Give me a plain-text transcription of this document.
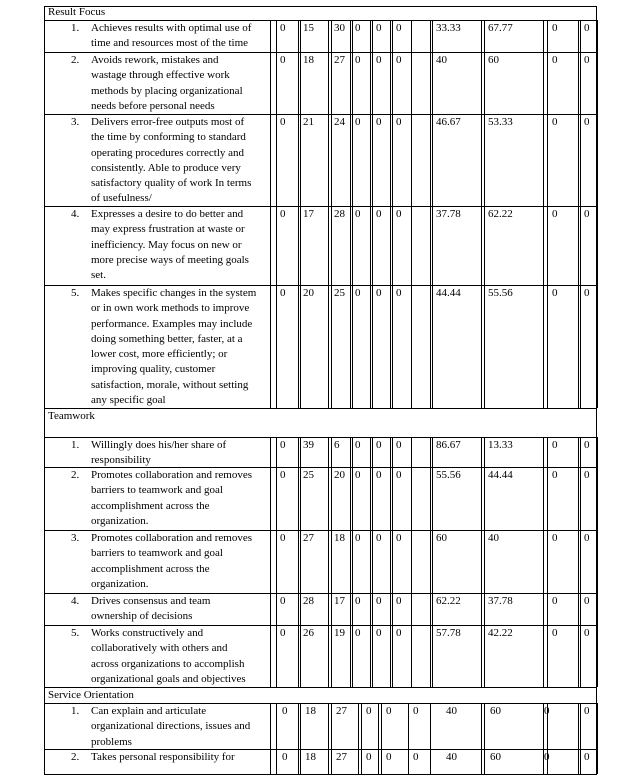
Result Focus
1.	Achieves results with optimal use of
time and resources most of the time
0 15 30 0 0 0	33.33 67.77	0 0
2.	Avoids rework, mistakes and
wastage through effective work
methods by placing organizational
needs before personal needs
0 18 27 0 0 0	40	60	0 0
3.	Delivers error-free outputs most of
the time by conforming to standard
operating procedures correctly and
consistently. Able to produce very
satisfactory quality of work In terms
of usefulness/
0 21 24 0 0 0	46.67 53.33	0 0
4.	Expresses a desire to do better and
may express frustration at waste or
inefficiency. May focus on new or
more precise ways of meeting goals
set.
0 17 28 0 0 0	37.78 62.22	0 0
5.	Makes specific changes in the system
or in own work methods to improve
performance. Examples may include
doing something better, faster, at a
lower cost, more efficiently; or
improving quality, customer
satisfaction, morale, without setting
any specific goal
0 20 25 0 0 0	44.44 55.56	0 0
Teamwork
1.	Willingly does his/her share of
responsibility
0 39 6 0 0 0	86.67 13.33	0 0
2.	Promotes collaboration and removes
barriers to teamwork and goal
accomplishment across the
organization.
0 25 20 0 0 0	55.56 44.44	0 0
3.	Promotes collaboration and removes
barriers to teamwork and goal
accomplishment across the
organization.
0 27 18 0 0 0	60	40	0 0
4.	Drives consensus and team
ownership of decisions
0 28 17 0 0 0	62.22 37.78	0 0
5.	Works constructively and
collaboratively with others and
across organizations to accomplish
organizational goals and objectives
0 26 19 0 0 0	57.78 42.22	0 0
Service Orientation
1.	Can explain and articulate
organizational directions, issues and
problems
0 18 27 0 0 0	40	60	0	0
2.	Takes personal responsibility for	0 18 27 0 0 0	40	60	0	0
